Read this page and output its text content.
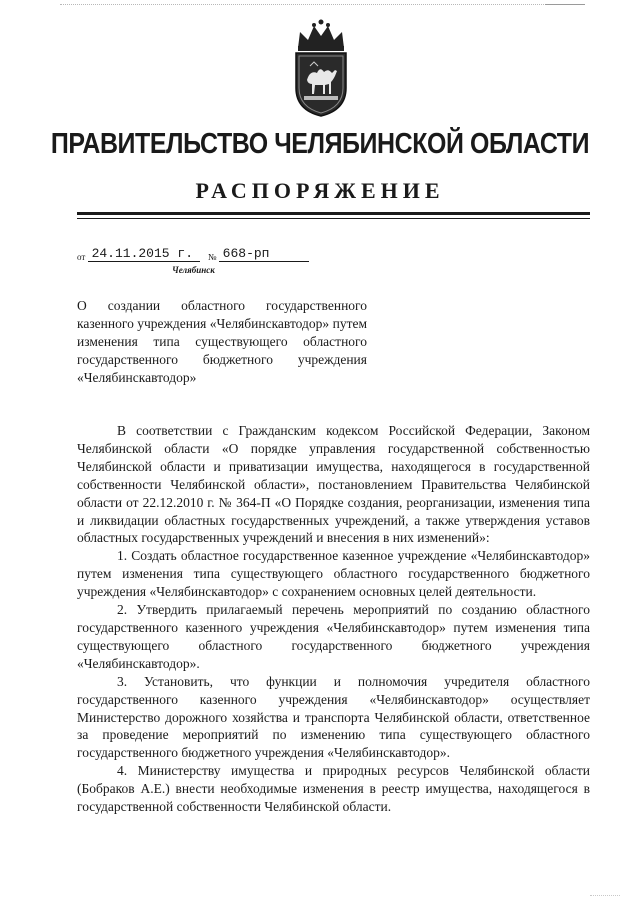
ПРАВИТЕЛЬСТВО ЧЕЛЯБИНСКОЙ ОБЛАСТИ
РАСПОРЯЖЕНИЕ
от 24.11.2015 г. № 668-рп
Челябинск
О создании областного государственного казенного учреждения «Челябинскавтодор» путем изменения типа существующего областного государственного бюджетного учреждения «Челябинскавтодор»

В соответствии с Гражданским кодексом Российской Федерации, Законом Челябинской области «О порядке управления государственной собственностью Челябинской области и приватизации имущества, находящегося в государственной собственности Челябинской области», постановлением Правительства Челябинской области от 22.12.2010 г. № 364-П «О Порядке создания, реорганизации, изменения типа и ликвидации областных государственных учреждений, а также утверждения уставов областных государственных учреждений и внесения в них изменений»:

1. Создать областное государственное казенное учреждение «Челябинскавтодор» путем изменения типа существующего областного государственного бюджетного учреждения «Челябинскавтодор» с сохранением основных целей деятельности.

2. Утвердить прилагаемый перечень мероприятий по созданию областного государственного казенного учреждения «Челябинскавтодор» путем изменения типа существующего областного государственного бюджетного учреждения «Челябинскавтодор».

3. Установить, что функции и полномочия учредителя областного государственного казенного учреждения «Челябинскавтодор» осуществляет Министерство дорожного хозяйства и транспорта Челябинской области, ответственное за проведение мероприятий по изменению типа существующего областного государственного бюджетного учреждения «Челябинскавтодор».

4. Министерству имущества и природных ресурсов Челябинской области (Бобраков А.Е.) внести необходимые изменения в реестр имущества, находящегося в государственной собственности Челябинской области.
